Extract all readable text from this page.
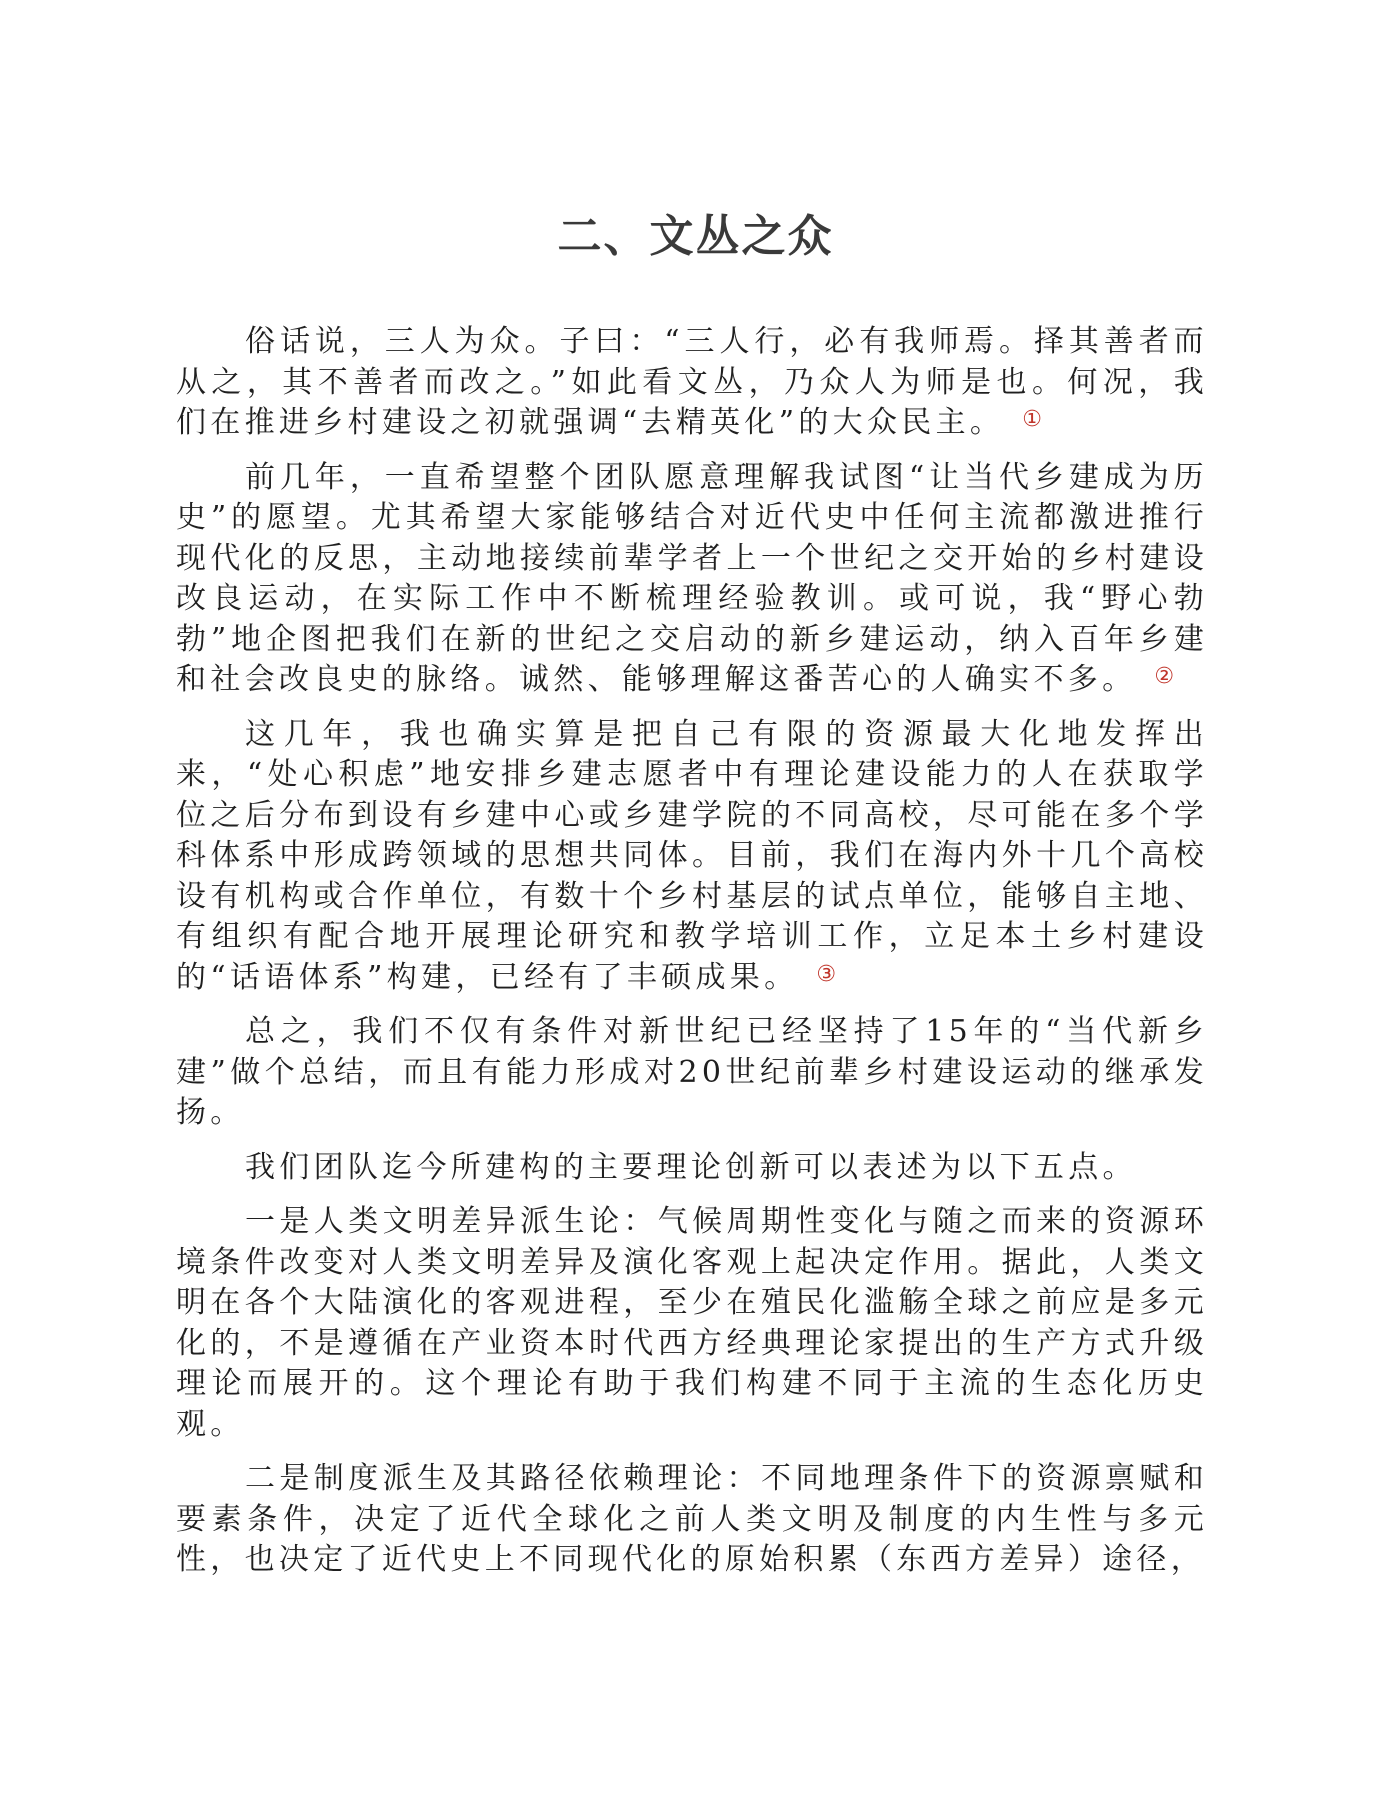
二、文丛之众

俗话说，三人为众。子曰：“三人行，必有我师焉。择其善者而从之，其不善者而改之。”如此看文丛，乃众人为师是也。何况，我们在推进乡村建设之初就强调“去精英化”的大众民主。 ①

前几年，一直希望整个团队愿意理解我试图“让当代乡建成为历史”的愿望。尤其希望大家能够结合对近代史中任何主流都激进推行现代化的反思，主动地接续前辈学者上一个世纪之交开始的乡村建设改良运动，在实际工作中不断梳理经验教训。或可说，我“野心勃勃”地企图把我们在新的世纪之交启动的新乡建运动，纳入百年乡建和社会改良史的脉络。诚然、能够理解这番苦心的人确实不多。 ②

这几年，我也确实算是把自己有限的资源最大化地发挥出来，“处心积虑”地安排乡建志愿者中有理论建设能力的人在获取学位之后分布到设有乡建中心或乡建学院的不同高校，尽可能在多个学科体系中形成跨领域的思想共同体。目前，我们在海内外十几个高校设有机构或合作单位，有数十个乡村基层的试点单位，能够自主地、有组织有配合地开展理论研究和教学培训工作，立足本土乡村建设的“话语体系”构建，已经有了丰硕成果。 ③

总之，我们不仅有条件对新世纪已经坚持了15年的“当代新乡建”做个总结，而且有能力形成对20世纪前辈乡村建设运动的继承发扬。

我们团队迄今所建构的主要理论创新可以表述为以下五点。

一是人类文明差异派生论：气候周期性变化与随之而来的资源环境条件改变对人类文明差异及演化客观上起决定作用。据此，人类文明在各个大陆演化的客观进程，至少在殖民化滥觞全球之前应是多元化的，不是遵循在产业资本时代西方经典理论家提出的生产方式升级理论而展开的。这个理论有助于我们构建不同于主流的生态化历史观。

二是制度派生及其路径依赖理论：不同地理条件下的资源禀赋和要素条件，决定了近代全球化之前人类文明及制度的内生性与多元性，也决定了近代史上不同现代化的原始积累（东西方差异）途径，
